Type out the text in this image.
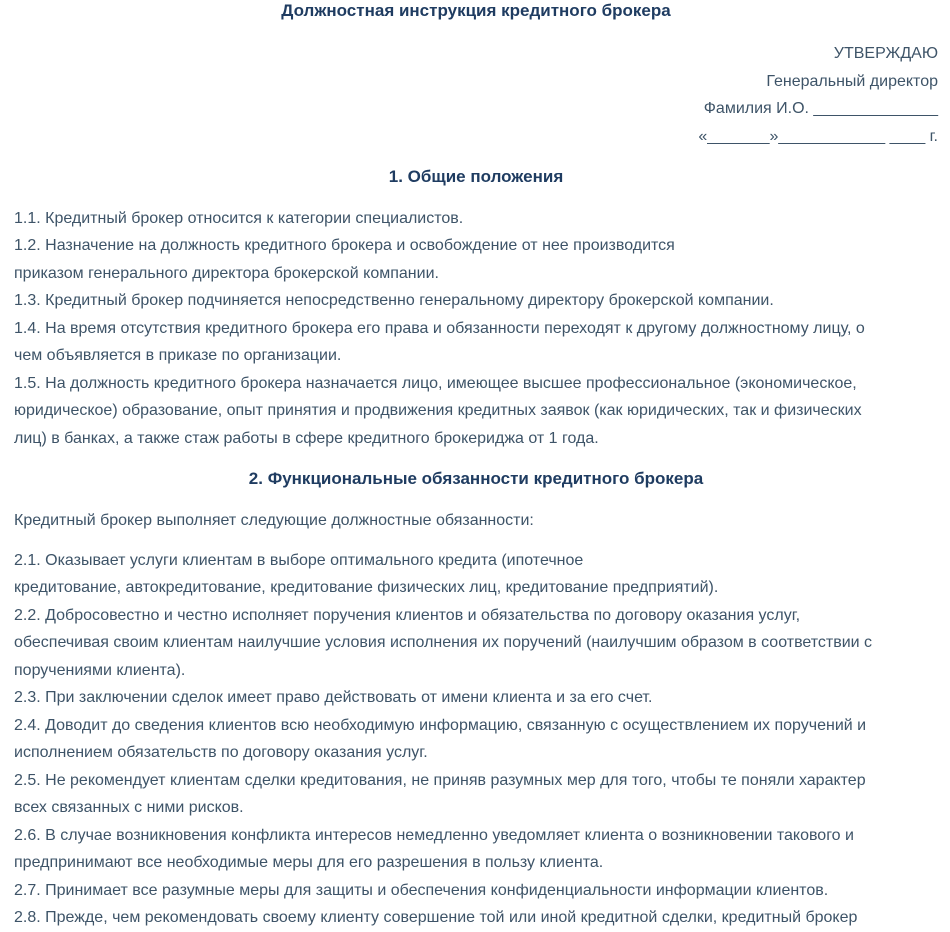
Должностная инструкция кредитного брокера
УТВЕРЖДАЮ
Генеральный директор
Фамилия И.О. ______________
«_______»____________ ____ г.
1. Общие положения

1.1. Кредитный брокер относится к категории специалистов.

1.2. Назначение на должность кредитного брокера и освобождение от нее производится
приказом генерального директора брокерской компании.

1.3. Кредитный брокер подчиняется непосредственно генеральному директору брокерской компании.

1.4. На время отсутствия кредитного брокера его права и обязанности переходят к другому должностному лицу, о
чем объявляется в приказе по организации.

1.5. На должность кредитного брокера назначается лицо, имеющее высшее профессиональное (экономическое,
юридическое) образование, опыт принятия и продвижения кредитных заявок (как юридических, так и физических
лиц) в банках, а также стаж работы в сфере кредитного брокериджа от 1 года.

2. Функциональные обязанности кредитного брокера

Кредитный брокер выполняет следующие должностные обязанности:

2.1. Оказывает услуги клиентам в выборе оптимального кредита (ипотечное
кредитование, автокредитование, кредитование физических лиц, кредитование предприятий).

2.2. Добросовестно и честно исполняет поручения клиентов и обязательства по договору оказания услуг,
обеспечивая своим клиентам наилучшие условия исполнения их поручений (наилучшим образом в соответствии с
поручениями клиента).

2.3. При заключении сделок имеет право действовать от имени клиента и за его счет.

2.4. Доводит до сведения клиентов всю необходимую информацию, связанную с осуществлением их поручений и
исполнением обязательств по договору оказания услуг.

2.5. Не рекомендует клиентам сделки кредитования, не приняв разумных мер для того, чтобы те поняли характер
всех связанных с ними рисков.

2.6. В случае возникновения конфликта интересов немедленно уведомляет клиента о возникновении такового и
предпринимают все необходимые меры для его разрешения в пользу клиента.

2.7. Принимает все разумные меры для защиты и обеспечения конфиденциальности информации клиентов.

2.8. Прежде, чем рекомендовать своему клиенту совершение той или иной кредитной сделки, кредитный брокер
